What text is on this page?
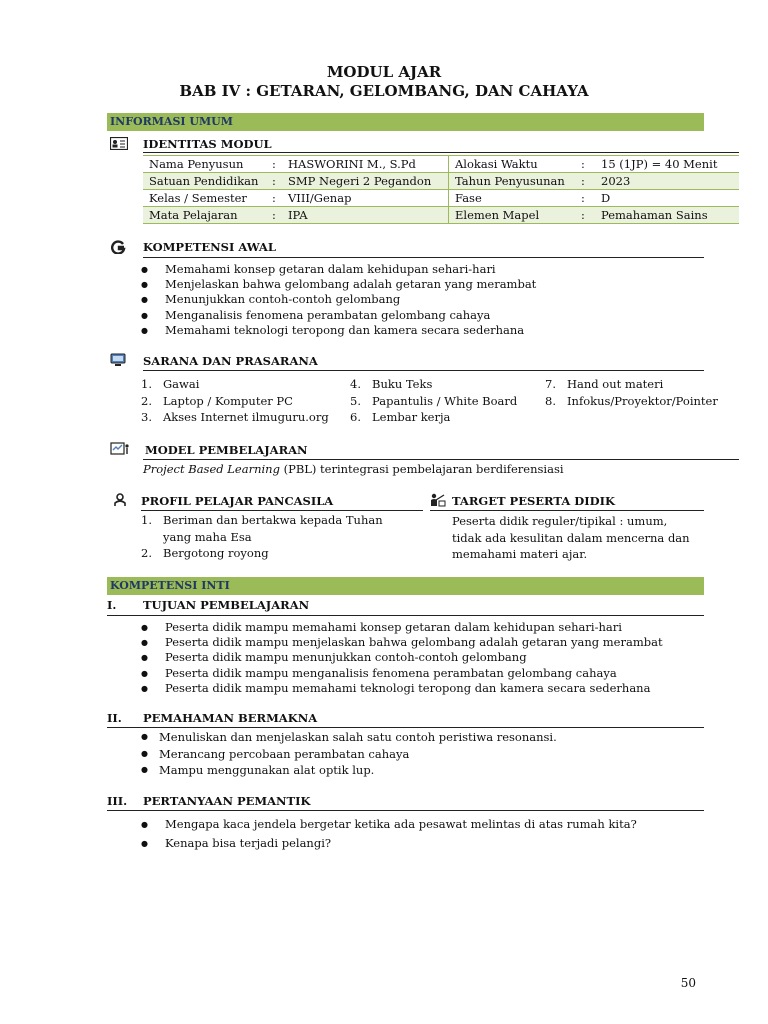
MODUL AJAR
BAB IV : GETARAN, GELOMBANG, DAN CAHAYA
INFORMASI UMUM
IDENTITAS MODUL
Nama Penyusun	:	HASWORINI M., S.Pd	Alokasi Waktu	:	15 (1JP) = 40 Menit
Satuan Pendidikan	:	SMP Negeri 2 Pegandon	Tahun Penyusunan	:	2023
Kelas / Semester	:	VIII/Genap	Fase	:	D
Mata Pelajaran	:	IPA	Elemen Mapel	:	Pemahaman Sains
KOMPETENSI AWAL
● Memahami konsep getaran dalam kehidupan sehari-hari
● Menjelaskan bahwa gelombang adalah getaran yang merambat
● Menunjukkan contoh-contoh gelombang
● Menganalisis fenomena perambatan gelombang cahaya
● Memahami teknologi teropong dan kamera secara sederhana
SARANA DAN PRASARANA
1. Gawai
2. Laptop / Komputer PC
3. Akses Internet ilmuguru.org
4. Buku Teks
5. Papantulis / White Board
6. Lembar kerja
7. Hand out materi
8. Infokus/Proyektor/Pointer
MODEL PEMBELAJARAN
Project Based Learning (PBL) terintegrasi pembelajaran berdiferensiasi
PROFIL PELAJAR PANCASILA
1. Beriman dan bertakwa kepada Tuhan
yang maha Esa
2. Bergotong royong
TARGET PESERTA DIDIK
Peserta didik reguler/tipikal : umum,
tidak ada kesulitan dalam mencerna dan
memahami materi ajar.
KOMPETENSI INTI
I. TUJUAN PEMBELAJARAN
● Peserta didik mampu memahami konsep getaran dalam kehidupan sehari-hari
● Peserta didik mampu menjelaskan bahwa gelombang adalah getaran yang merambat
● Peserta didik mampu menunjukkan contoh-contoh gelombang
● Peserta didik mampu menganalisis fenomena perambatan gelombang cahaya
● Peserta didik mampu memahami teknologi teropong dan kamera secara sederhana
II. PEMAHAMAN BERMAKNA
● Menuliskan dan menjelaskan salah satu contoh peristiwa resonansi.
● Merancang percobaan perambatan cahaya
● Mampu menggunakan alat optik lup.
III. PERTANYAAN PEMANTIK
● Mengapa kaca jendela bergetar ketika ada pesawat melintas di atas rumah kita?
● Kenapa bisa terjadi pelangi?
50
